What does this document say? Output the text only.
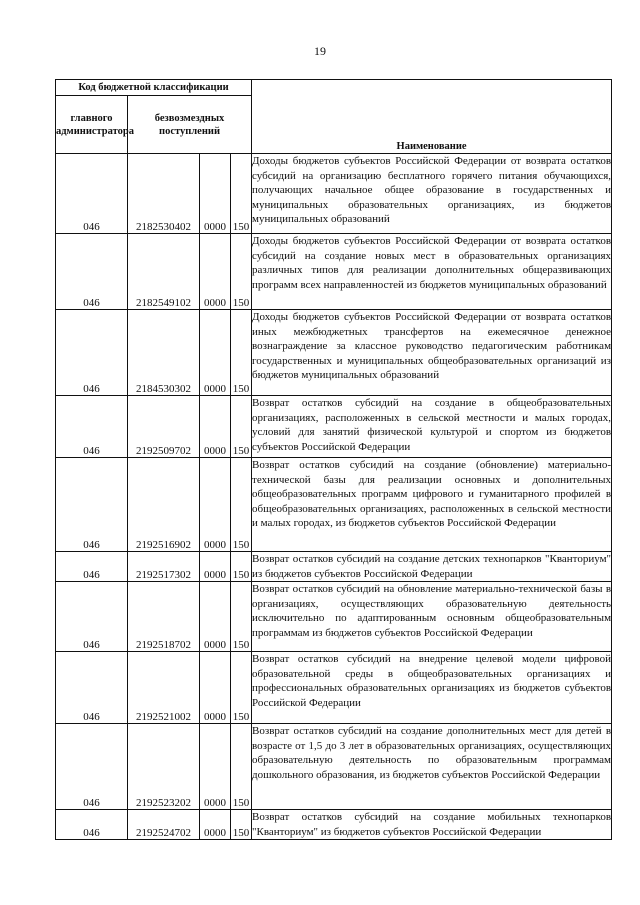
19
Код бюджетной классификации				Наименование
главного администратора	безвозмездных поступлений			
046	2182530402	0000	150	Доходы бюджетов субъектов Российской Федерации от возврата остатков субсидий на организацию бесплатного горячего питания обучающихся, получающих начальное общее образование в государственных и муниципальных образовательных организациях, из бюджетов муниципальных образований
046	2182549102	0000	150	Доходы бюджетов субъектов Российской Федерации от возврата остатков субсидий на создание новых мест в образовательных организациях различных типов для реализации дополнительных общеразвивающих программ всех направленностей из бюджетов муниципальных образований
046	2184530302	0000	150	Доходы бюджетов субъектов Российской Федерации от возврата остатков иных межбюджетных трансфертов на ежемесячное денежное вознаграждение за классное руководство педагогическим работникам государственных и муниципальных общеобразовательных организаций из бюджетов муниципальных образований
046	2192509702	0000	150	Возврат остатков субсидий на создание в общеобразовательных организациях, расположенных в сельской местности и малых городах, условий для занятий физической культурой и спортом из бюджетов субъектов Российской Федерации
046	2192516902	0000	150	Возврат остатков субсидий на создание (обновление) материально-технической базы для реализации основных и дополнительных общеобразовательных программ цифрового и гуманитарного профилей в общеобразовательных организациях, расположенных в сельской местности и малых городах, из бюджетов субъектов Российской Федерации
046	2192517302	0000	150	Возврат остатков субсидий на создание детских технопарков "Кванториум" из бюджетов субъектов Российской Федерации
046	2192518702	0000	150	Возврат остатков субсидий на обновление материально-технической базы в организациях, осуществляющих образовательную деятельность исключительно по адаптированным основным общеобразовательным программам из бюджетов субъектов Российской Федерации
046	2192521002	0000	150	Возврат остатков субсидий на внедрение целевой модели цифровой образовательной среды в общеобразовательных организациях и профессиональных образовательных организациях из бюджетов субъектов Российской Федерации
046	2192523202	0000	150	Возврат остатков субсидий на создание дополнительных мест для детей в возрасте от 1,5 до 3 лет в образовательных организациях, осуществляющих образовательную деятельность по образовательным программам дошкольного образования, из бюджетов субъектов Российской Федерации
046	2192524702	0000	150	Возврат остатков субсидий на создание мобильных технопарков "Кванториум" из бюджетов субъектов Российской Федерации
